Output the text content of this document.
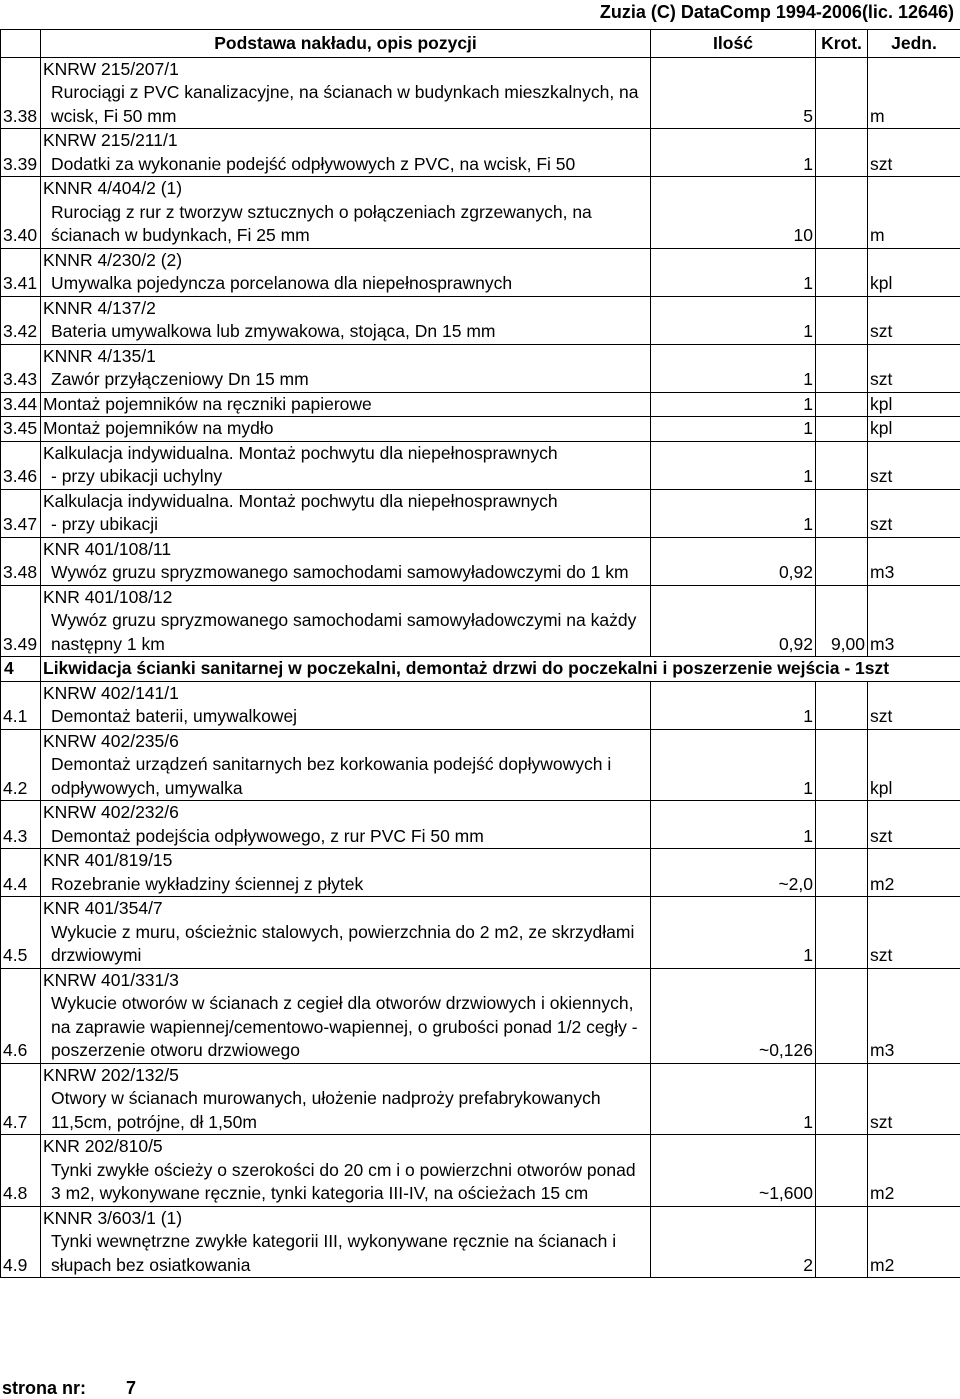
Zuzia (C) DataComp 1994-2006(lic. 12646)
	Podstawa nakładu, opis pozycji	Ilość	Krot.	Jedn.
3.38	KNRW 215/207/1
Rurociągi z PVC kanalizacyjne, na ścianach w budynkach mieszkalnych, na wcisk, Fi 50 mm	5		m
3.39	KNRW 215/211/1
Dodatki za wykonanie podejść odpływowych z PVC, na wcisk, Fi 50	1		szt
3.40	KNNR 4/404/2 (1)
Rurociąg z rur z tworzyw sztucznych o połączeniach zgrzewanych, na ścianach w budynkach, Fi 25 mm	10		m
3.41	KNNR 4/230/2 (2)
Umywalka pojedyncza porcelanowa dla niepełnosprawnych	1		kpl
3.42	KNNR 4/137/2
Bateria umywalkowa lub zmywakowa, stojąca, Dn 15 mm	1		szt
3.43	KNNR 4/135/1
Zawór przyłączeniowy Dn 15 mm	1		szt
3.44	Montaż pojemników na ręczniki papierowe	1		kpl
3.45	Montaż pojemników na mydło	1		kpl
3.46	Kalkulacja indywidualna. Montaż pochwytu dla niepełnosprawnych
- przy ubikacji uchylny	1		szt
3.47	Kalkulacja indywidualna. Montaż pochwytu dla niepełnosprawnych
- przy ubikacji	1		szt
3.48	KNR 401/108/11
Wywóz gruzu spryzmowanego samochodami samowyładowczymi do 1 km	0,92		m3
3.49	KNR 401/108/12
Wywóz gruzu spryzmowanego samochodami samowyładowczymi na każdy następny 1 km	0,92	9,00	m3
4	Likwidacja ścianki sanitarnej w poczekalni, demontaż drzwi do poczekalni i poszerzenie wejścia - 1szt			
4.1	KNRW 402/141/1
Demontaż baterii, umywalkowej	1		szt
4.2	KNRW 402/235/6
Demontaż urządzeń sanitarnych bez korkowania podejść dopływowych i odpływowych, umywalka	1		kpl
4.3	KNRW 402/232/6
Demontaż podejścia odpływowego, z rur PVC Fi 50 mm	1		szt
4.4	KNR 401/819/15
Rozebranie wykładziny ściennej z płytek	~2,0		m2
4.5	KNR 401/354/7
Wykucie z muru, ościeżnic stalowych, powierzchnia do 2 m2, ze skrzydłami drzwiowymi	1		szt
4.6	KNRW 401/331/3
Wykucie otworów w ścianach z cegieł dla otworów drzwiowych i okiennych, na zaprawie wapiennej/cementowo-wapiennej, o grubości ponad 1/2 cegły - poszerzenie otworu drzwiowego	~0,126		m3
4.7	KNRW 202/132/5
Otwory w ścianach murowanych, ułożenie nadproży prefabrykowanych 11,5cm, potrójne, dł 1,50m	1		szt
4.8	KNR 202/810/5
Tynki zwykłe ościeży o szerokości do 20 cm i o powierzchni otworów ponad 3 m2, wykonywane ręcznie, tynki kategoria III-IV, na ościeżach 15 cm	~1,600		m2
4.9	KNNR 3/603/1 (1)
Tynki wewnętrzne zwykłe kategorii III, wykonywane ręcznie na ścianach i słupach bez osiatkowania	2		m2
strona nr: 7
